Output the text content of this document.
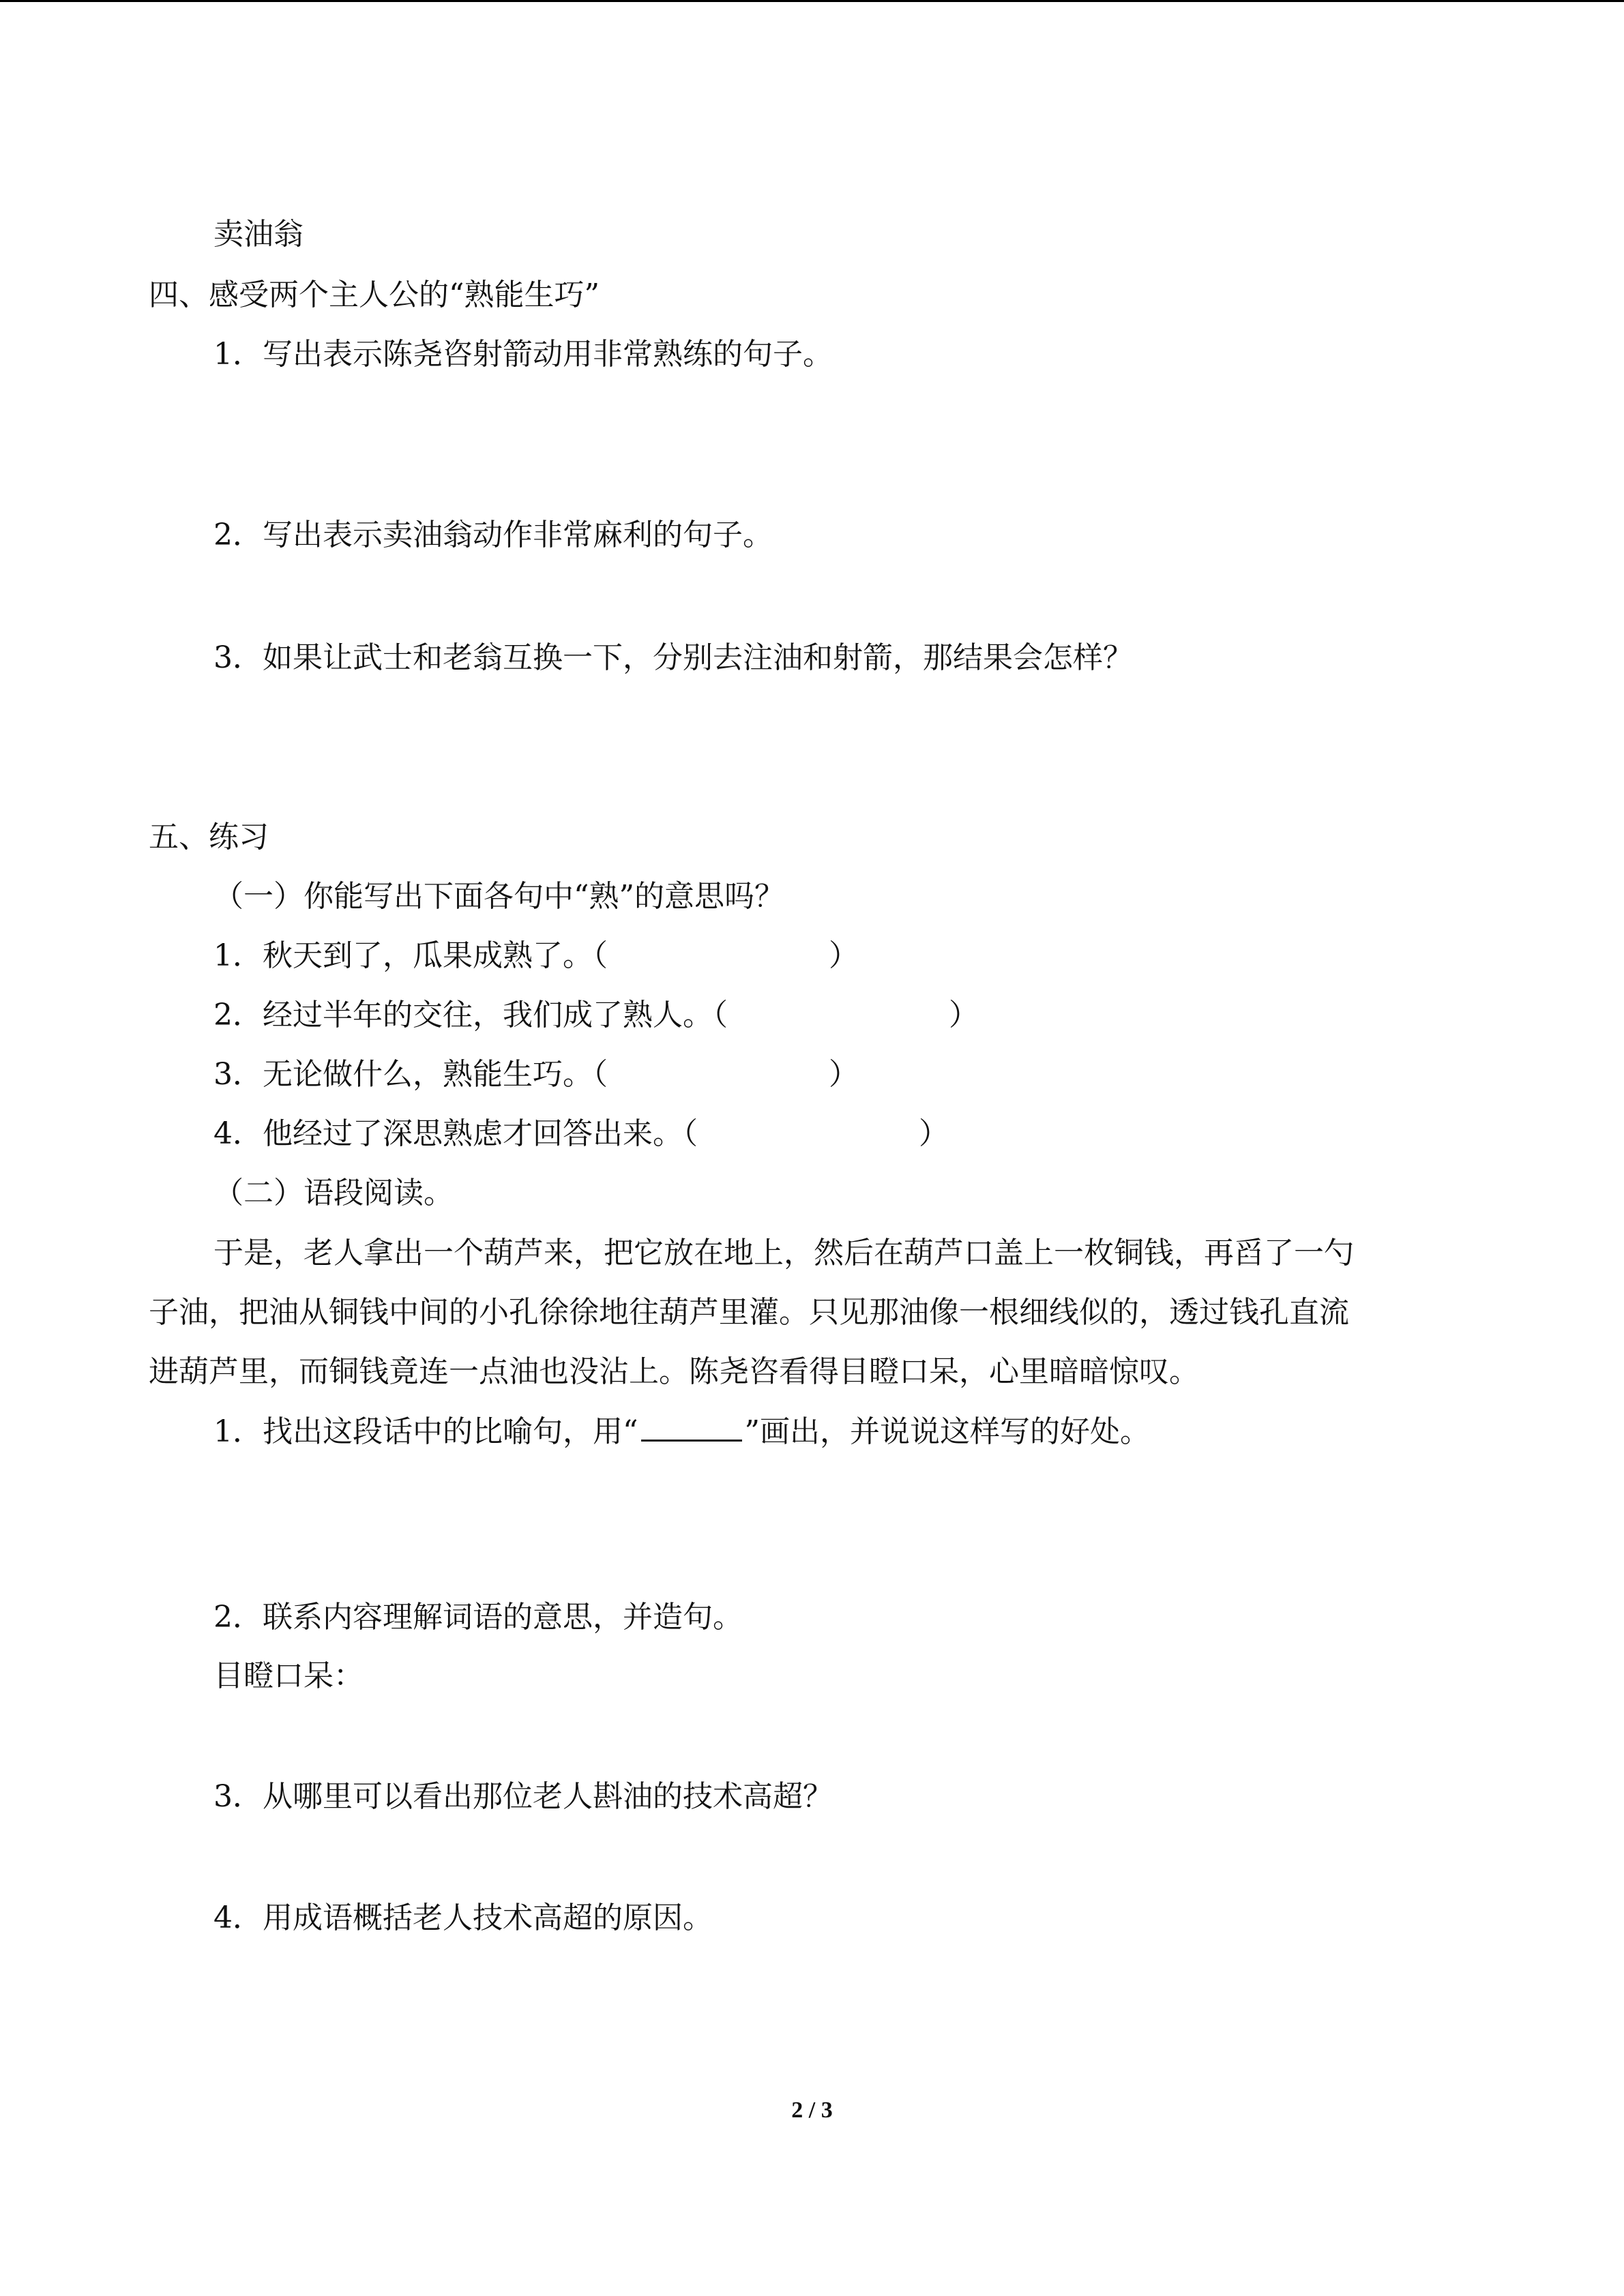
卖油翁
四、感受两个主人公的“熟能生巧”
1．写出表示陈尧咨射箭动用非常熟练的句子。
2．写出表示卖油翁动作非常麻利的句子。
3．如果让武士和老翁互换一下，分别去注油和射箭，那结果会怎样？
五、练习
（一）你能写出下面各句中“熟”的意思吗？
1．秋天到了，瓜果成熟了。（	）
2．经过半年的交往，我们成了熟人。（	）
3．无论做什么，熟能生巧。（	）
4．他经过了深思熟虑才回答出来。（	）
（二）语段阅读。
于是，老人拿出一个葫芦来，把它放在地上，然后在葫芦口盖上一枚铜钱，再舀了一勺
子油，把油从铜钱中间的小孔徐徐地往葫芦里灌。只见那油像一根细线似的，透过钱孔直流
进葫芦里，而铜钱竟连一点油也没沾上。陈尧咨看得目瞪口呆，心里暗暗惊叹。
1．找出这段话中的比喻句，用“	”画出，并说说这样写的好处。
2．联系内容理解词语的意思，并造句。
目瞪口呆：
3．从哪里可以看出那位老人斟油的技术高超？
4．用成语概括老人技术高超的原因。
2 / 3
